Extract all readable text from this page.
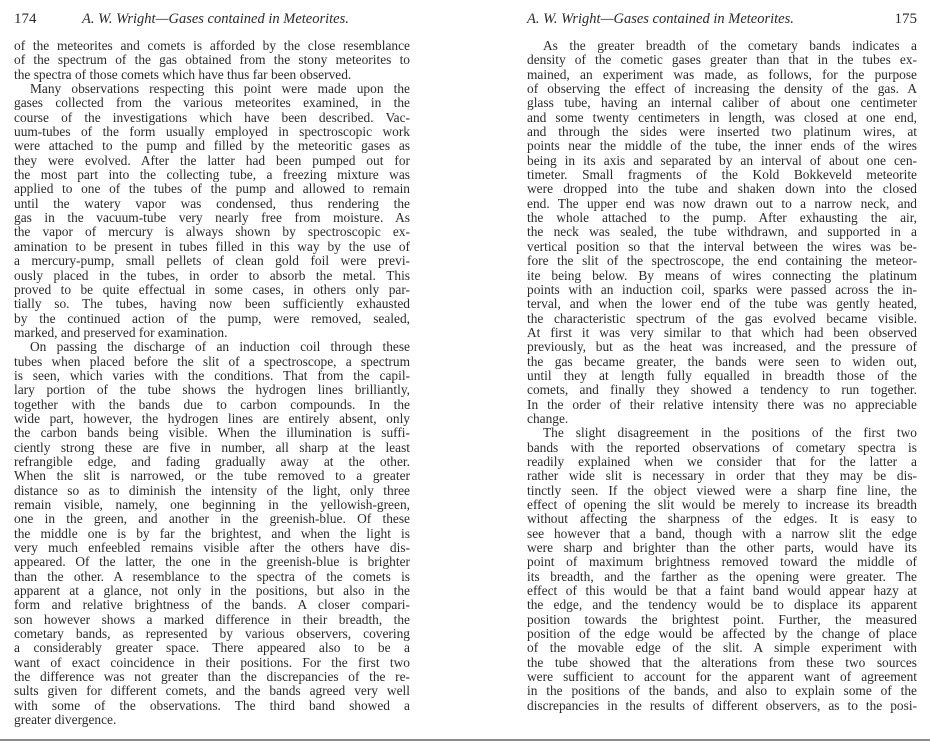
174	A. W. Wright—Gases contained in Meteorites.
of the meteorites and comets is afforded by the close resemblance
of the spectrum of the gas obtained from the stony meteorites to
the spectra of those comets which have thus far been observed.
Many observations respecting this point were made upon the
gases collected from the various meteorites examined, in the
course of the investigations which have been described. Vac-
uum-tubes of the form usually employed in spectroscopic work
were attached to the pump and filled by the meteoritic gases as
they were evolved. After the latter had been pumped out for
the most part into the collecting tube, a freezing mixture was
applied to one of the tubes of the pump and allowed to remain
until the watery vapor was condensed, thus rendering the
gas in the vacuum-tube very nearly free from moisture. As
the vapor of mercury is always shown by spectroscopic ex-
amination to be present in tubes filled in this way by the use of
a mercury-pump, small pellets of clean gold foil were previ-
ously placed in the tubes, in order to absorb the metal. This
proved to be quite effectual in some cases, in others only par-
tially so. The tubes, having now been sufficiently exhausted
by the continued action of the pump, were removed, sealed,
marked, and preserved for examination.
On passing the discharge of an induction coil through these
tubes when placed before the slit of a spectroscope, a spectrum
is seen, which varies with the conditions. That from the capil-
lary portion of the tube shows the hydrogen lines brilliantly,
together with the bands due to carbon compounds. In the
wide part, however, the hydrogen lines are entirely absent, only
the carbon bands being visible. When the illumination is suffi-
ciently strong these are five in number, all sharp at the least
refrangible edge, and fading gradually away at the other.
When the slit is narrowed, or the tube removed to a greater
distance so as to diminish the intensity of the light, only three
remain visible, namely, one beginning in the yellowish-green,
one in the green, and another in the greenish-blue. Of these
the middle one is by far the brightest, and when the light is
very much enfeebled remains visible after the others have dis-
appeared. Of the latter, the one in the greenish-blue is brighter
than the other. A resemblance to the spectra of the comets is
apparent at a glance, not only in the positions, but also in the
form and relative brightness of the bands. A closer compari-
son however shows a marked difference in their breadth, the
cometary bands, as represented by various observers, covering
a considerably greater space. There appeared also to be a
want of exact coincidence in their positions. For the first two
the difference was not greater than the discrepancies of the re-
sults given for different comets, and the bands agreed very well
with some of the observations. The third band showed a
greater divergence.
A. W. Wright—Gases contained in Meteorites.	175
As the greater breadth of the cometary bands indicates a
density of the cometic gases greater than that in the tubes ex-
mained, an experiment was made, as follows, for the purpose
of observing the effect of increasing the density of the gas. A
glass tube, having an internal caliber of about one centimeter
and some twenty centimeters in length, was closed at one end,
and through the sides were inserted two platinum wires, at
points near the middle of the tube, the inner ends of the wires
being in its axis and separated by an interval of about one cen-
timeter. Small fragments of the Kold Bokkeveld meteorite
were dropped into the tube and shaken down into the closed
end. The upper end was now drawn out to a narrow neck, and
the whole attached to the pump. After exhausting the air,
the neck was sealed, the tube withdrawn, and supported in a
vertical position so that the interval between the wires was be-
fore the slit of the spectroscope, the end containing the meteor-
ite being below. By means of wires connecting the platinum
points with an induction coil, sparks were passed across the in-
terval, and when the lower end of the tube was gently heated,
the characteristic spectrum of the gas evolved became visible.
At first it was very similar to that which had been observed
previously, but as the heat was increased, and the pressure of
the gas became greater, the bands were seen to widen out,
until they at length fully equalled in breadth those of the
comets, and finally they showed a tendency to run together.
In the order of their relative intensity there was no appreciable
change.
The slight disagreement in the positions of the first two
bands with the reported observations of cometary spectra is
readily explained when we consider that for the latter a
rather wide slit is necessary in order that they may be dis-
tinctly seen. If the object viewed were a sharp fine line, the
effect of opening the slit would be merely to increase its breadth
without affecting the sharpness of the edges. It is easy to
see however that a band, though with a narrow slit the edge
were sharp and brighter than the other parts, would have its
point of maximum brightness removed toward the middle of
its breadth, and the farther as the opening were greater. The
effect of this would be that a faint band would appear hazy at
the edge, and the tendency would be to displace its apparent
position towards the brightest point. Further, the measured
position of the edge would be affected by the change of place
of the movable edge of the slit. A simple experiment with
the tube showed that the alterations from these two sources
were sufficient to account for the apparent want of agreement
in the positions of the bands, and also to explain some of the
discrepancies in the results of different observers, as to the posi-
